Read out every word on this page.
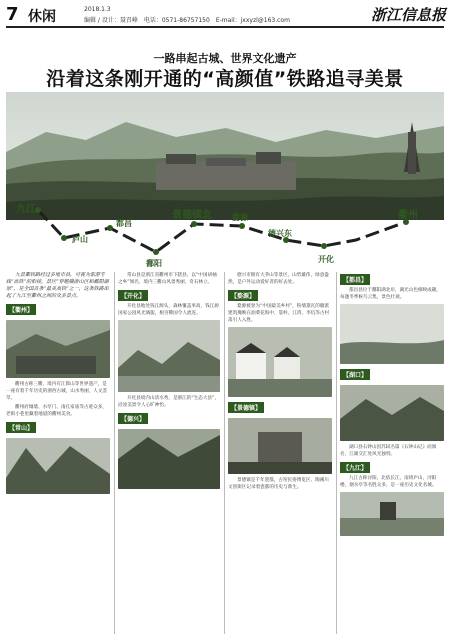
7 休闲	2018.1.3
编辑 / 设计：聂召峰　电话：0571-86757150　 E-mail：jxxyzl@163.com	浙江信息报
一路串起古城、世界文化遗产
沿着这条刚开通的“高颜值”铁路追寻美景
九江
庐山
都昌
鄱阳
景德镇北	婺源
德兴东
开化
衢州

九景衢铁路经过多地市县，可视为旅游专线“高铁”的衔接，景区“穿越赣浙山区和鄱阳湖原”，是全国首条“最美高铁”之一，这条铁路串起了九江至衢州之间的众多景点。

【衢州】

衢州古称三衢，境内有江郎山等世界遗产，是一座有着千年历史的浙西古城，山水秀丽，人文荟萃。

衢州府城墙、水亭门、南孔家庙等古迹众多，老街小巷里藏着地道的衢州美食。

【常山】

常山县是浙江省衢州市下辖县，以“中国胡柚之乡”闻名，境内三衢山风景秀丽，奇石林立。

【开化】

开化县地处钱江源头，森林覆盖率高，钱江源国家公园风光旖旎，根宫佛国令人流连。

开化县境内山清水秀，是浙江的“生态大县”，沿途美景令人心旷神怡。

【德兴】

德兴市拥有大茅山等景区，山势雄伟，绿意盎然，是户外运动爱好者的好去处。

【婺源】

婺源被誉为“中国最美乡村”，粉墙黛瓦的徽派建筑掩映在油菜花海中，篁岭、江湾、李坑等古村落引人入胜。

【景德镇】

景德镇是千年瓷都，古窑民俗博览区、陶溪川文创街区记录着瓷都的历史与新生。

【都昌】

都昌县位于鄱阳湖北岸，湖光山色相映成趣，每逢冬季候鸟云集，景色壮观。

【湖口】

湖口县石钟山因苏轼名篇《石钟山记》而闻名，江湖交汇处风光独特。

【九江】

九江古称浔阳，北依长江，南倚庐山，浔阳楼、烟水亭等名胜众多，是一座历史文化名城。
